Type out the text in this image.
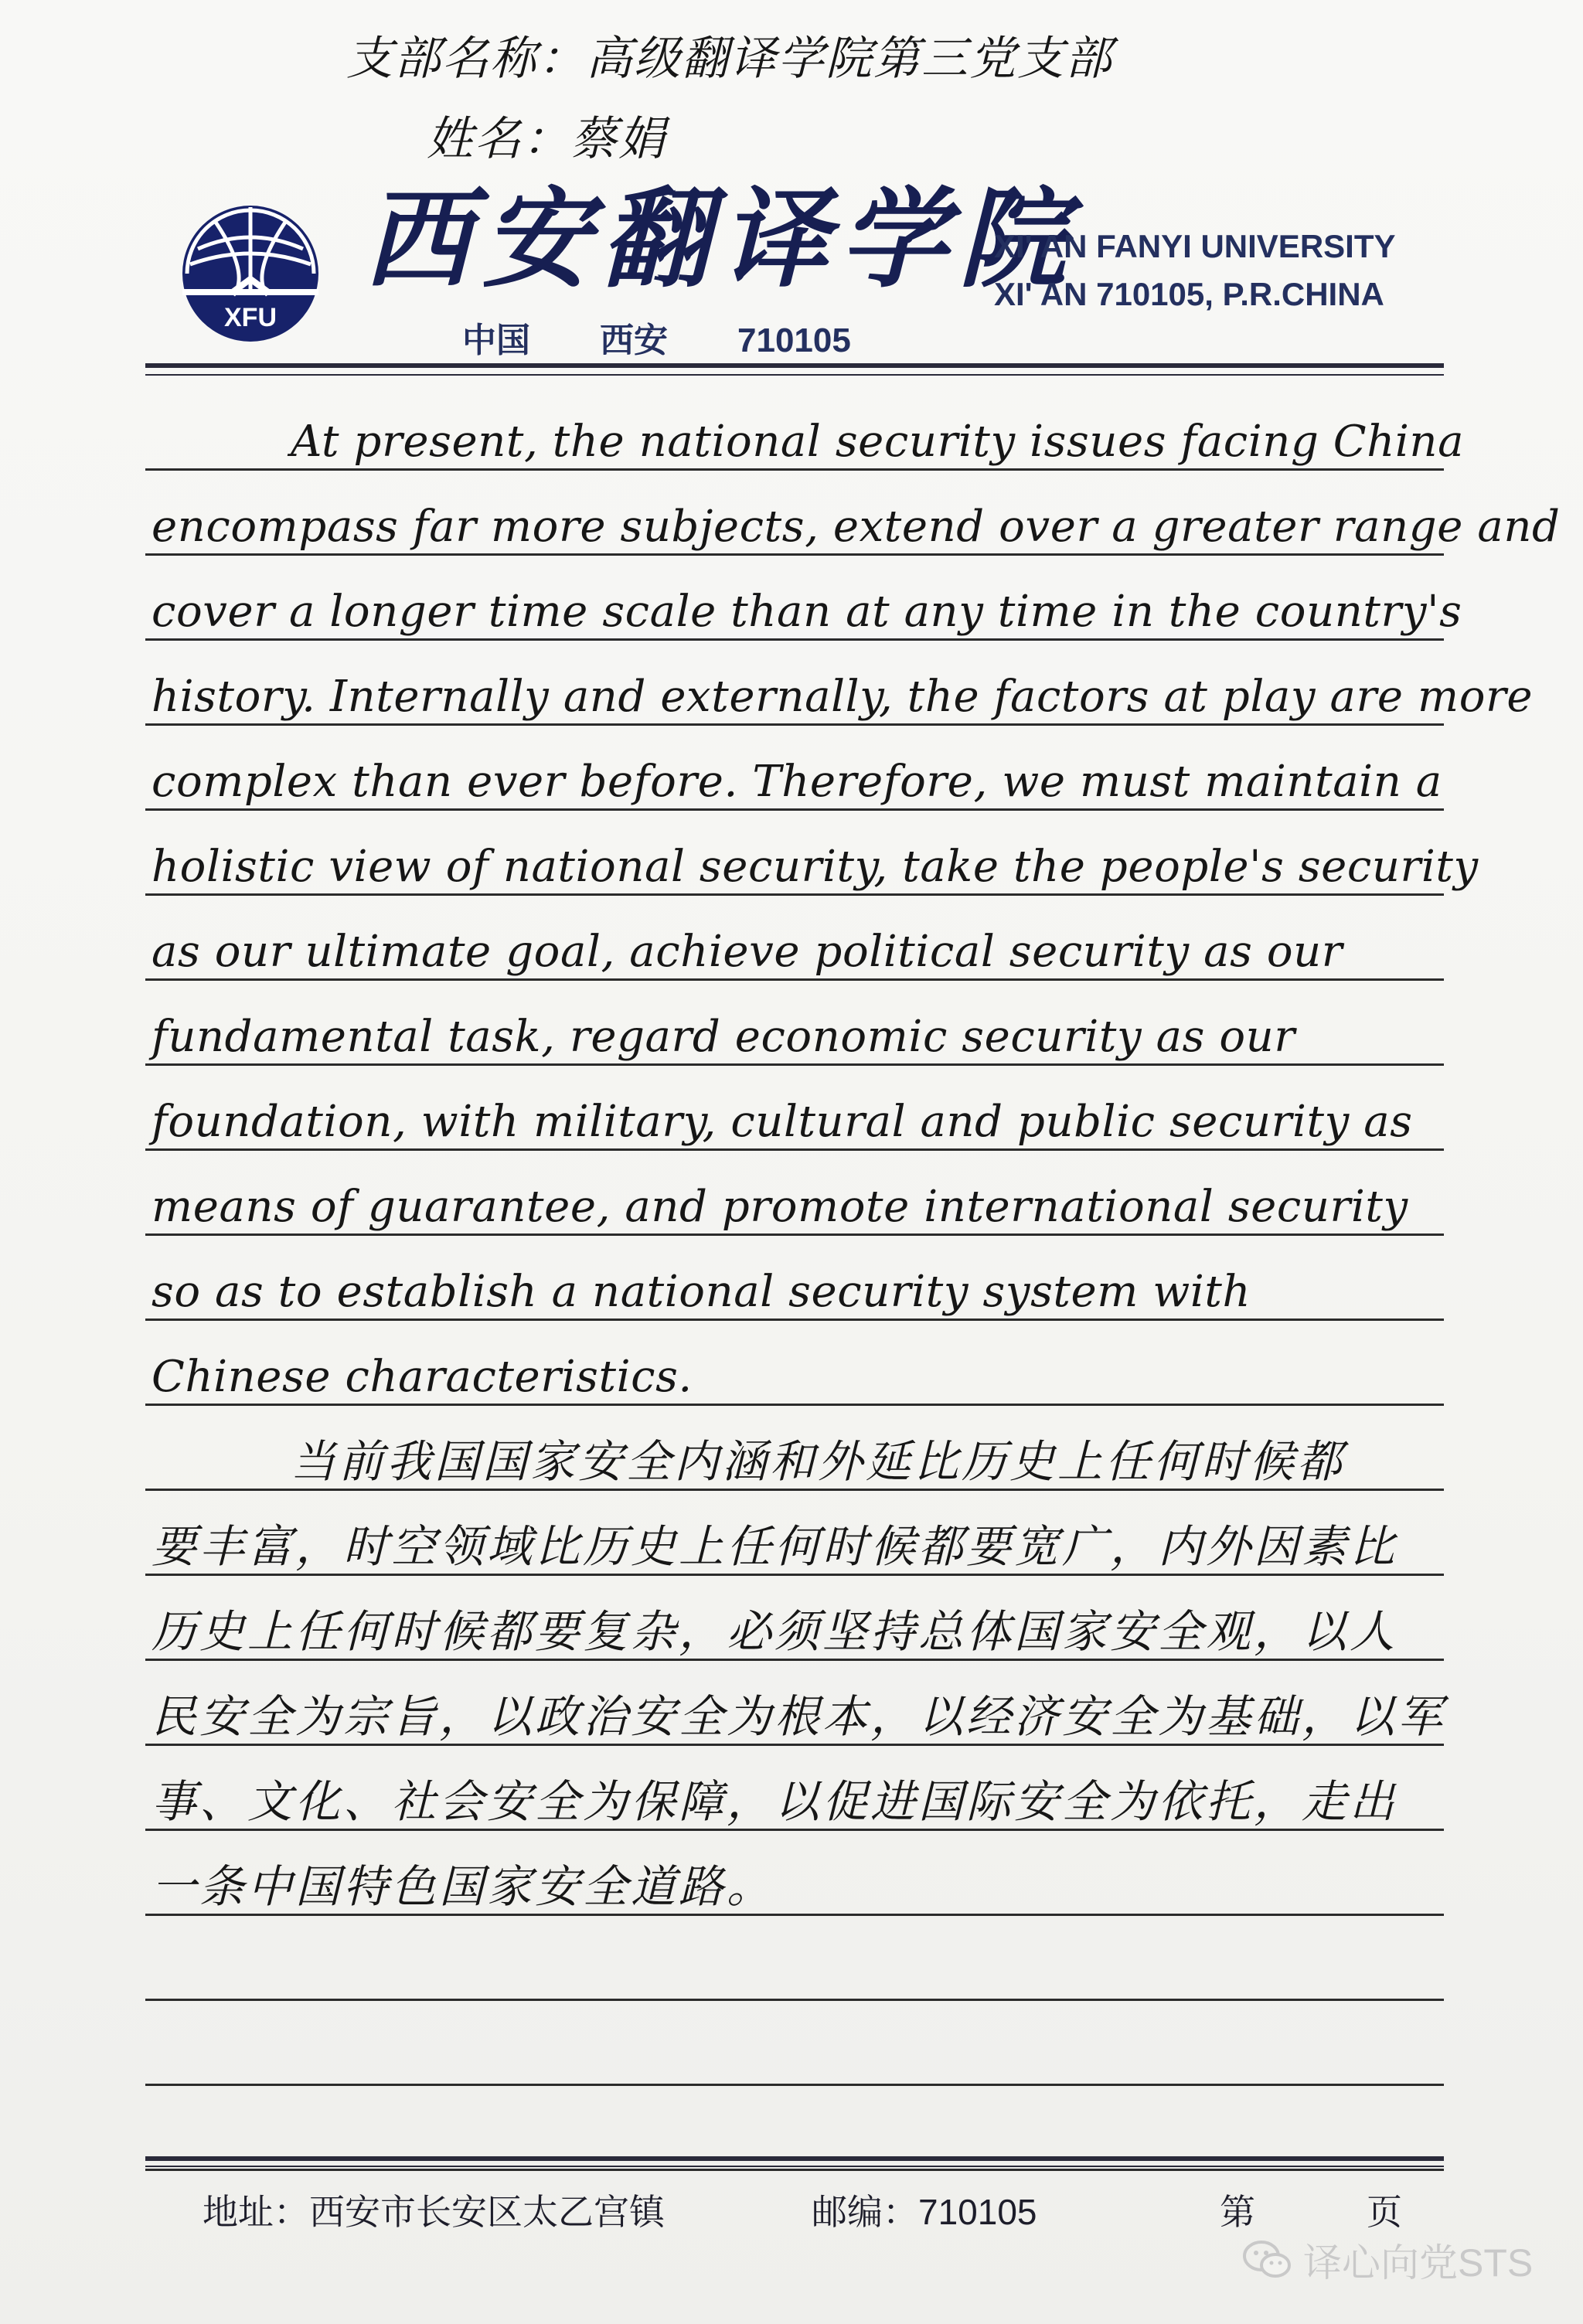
支部名称：高级翻译学院第三党支部
姓名：蔡娟
XFU
西安翻译学院
中国 西安 710105
XI' AN FANYI UNIVERSITY
XI' AN 710105, P.R.CHINA
At present, the national security issues facing China
encompass far more subjects, extend over a greater range and
cover a longer time scale than at any time in the country's
history. Internally and externally, the factors at play are more
complex than ever before. Therefore, we must maintain a
holistic view of national security, take the people's security
as our ultimate goal, achieve political security as our
fundamental task, regard economic security as our
foundation, with military, cultural and public security as
means of guarantee, and promote international security
so as to establish a national security system with
Chinese characteristics.
当前我国国家安全内涵和外延比历史上任何时候都
要丰富，时空领域比历史上任何时候都要宽广，内外因素比
历史上任何时候都要复杂，必须坚持总体国家安全观，以人
民安全为宗旨，以政治安全为根本，以经济安全为基础，以军
事、文化、社会安全为保障，以促进国际安全为依托，走出
一条中国特色国家安全道路。
地址：西安市长安区太乙宫镇	邮编：710105	第	页
译心向党STS
